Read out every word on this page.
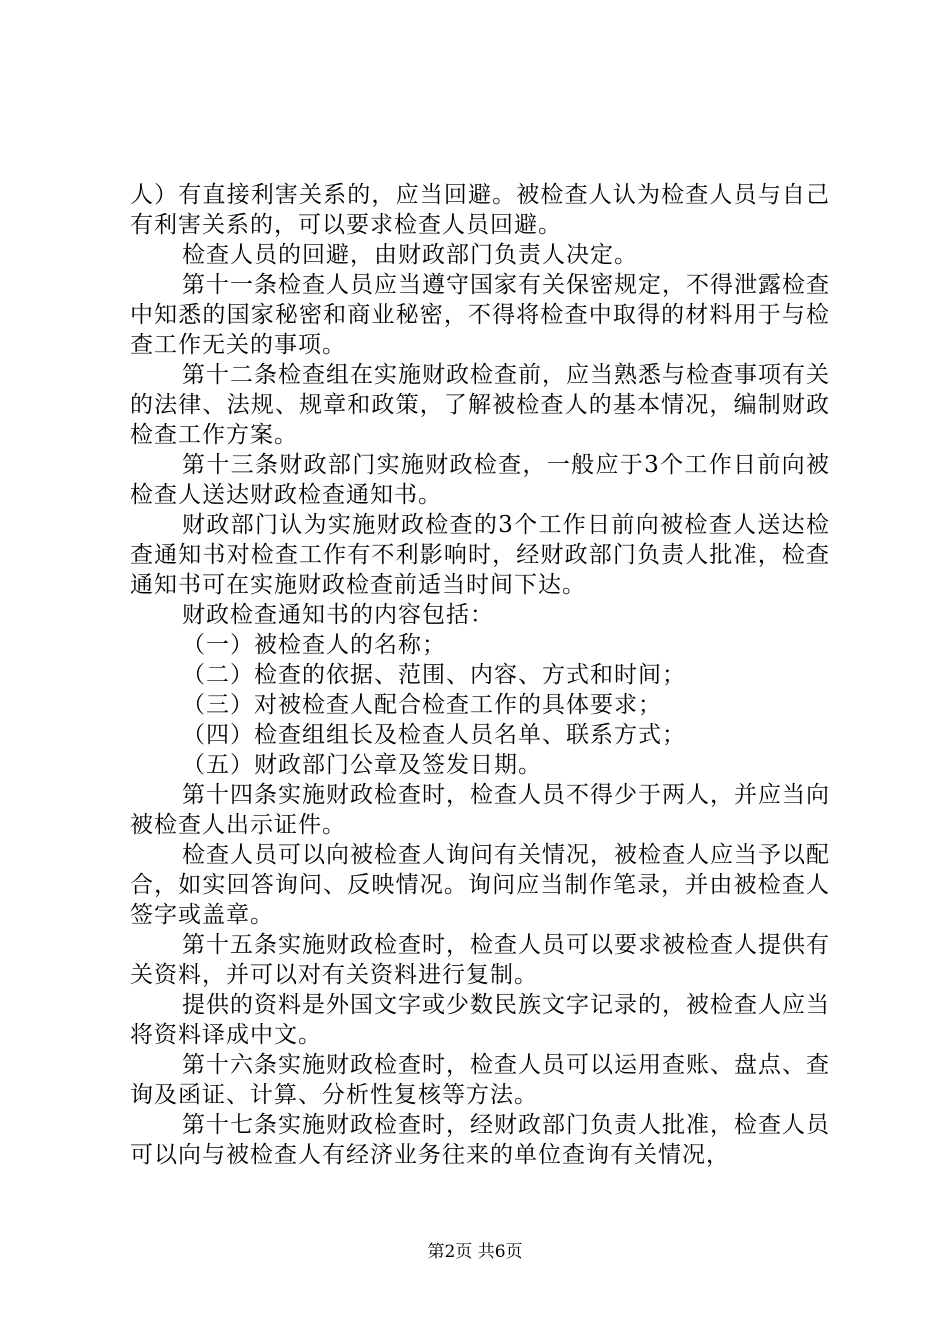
人）有直接利害关系的，应当回避。被检查人认为检查人员与自己有利害关系的，可以要求检查人员回避。

检查人员的回避，由财政部门负责人决定。

第十一条检查人员应当遵守国家有关保密规定，不得泄露检查中知悉的国家秘密和商业秘密，不得将检查中取得的材料用于与检查工作无关的事项。

第十二条检查组在实施财政检查前，应当熟悉与检查事项有关的法律、法规、规章和政策，了解被检查人的基本情况，编制财政检查工作方案。

第十三条财政部门实施财政检查，一般应于3个工作日前向被检查人送达财政检查通知书。

财政部门认为实施财政检查的3个工作日前向被检查人送达检查通知书对检查工作有不利影响时，经财政部门负责人批准，检查通知书可在实施财政检查前适当时间下达。

财政检查通知书的内容包括：

（一）被检查人的名称；

（二）检查的依据、范围、内容、方式和时间；

（三）对被检查人配合检查工作的具体要求；

（四）检查组组长及检查人员名单、联系方式；

（五）财政部门公章及签发日期。

第十四条实施财政检查时，检查人员不得少于两人，并应当向被检查人出示证件。

检查人员可以向被检查人询问有关情况，被检查人应当予以配合，如实回答询问、反映情况。询问应当制作笔录，并由被检查人签字或盖章。

第十五条实施财政检查时，检查人员可以要求被检查人提供有关资料，并可以对有关资料进行复制。

提供的资料是外国文字或少数民族文字记录的，被检查人应当将资料译成中文。

第十六条实施财政检查时，检查人员可以运用查账、盘点、查询及函证、计算、分析性复核等方法。

第十七条实施财政检查时，经财政部门负责人批准，检查人员可以向与被检查人有经济业务往来的单位查询有关情况，

第2页 共6页
